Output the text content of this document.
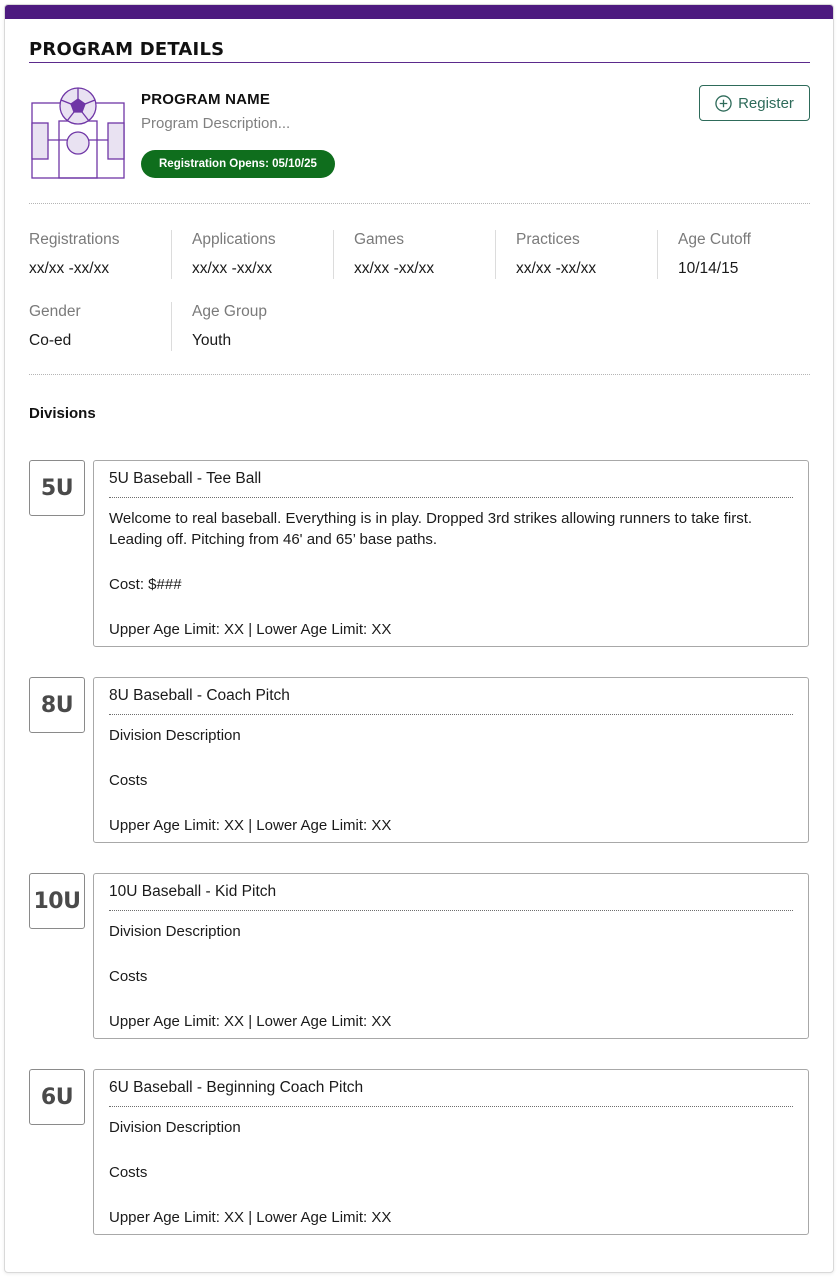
PROGRAM DETAILS
PROGRAM NAME
Program Description...
Registration Opens: 05/10/25
Register
Registrations
xx/xx -xx/xx
Applications
xx/xx -xx/xx
Games
xx/xx -xx/xx
Practices
xx/xx -xx/xx
Age Cutoff
10/14/15
Gender
Co-ed
Age Group
Youth
Divisions
5U	5U Baseball - Tee Ball
Welcome to real baseball. Everything is in play. Dropped 3rd strikes allowing runners to take first. Leading off. Pitching from 46' and 65’ base paths.
Cost: $###
Upper Age Limit: XX | Lower Age Limit: XX
8U	8U Baseball - Coach Pitch
Division Description
Costs
Upper Age Limit: XX | Lower Age Limit: XX
10U 10U Baseball - Kid Pitch
Division Description
Costs
Upper Age Limit: XX | Lower Age Limit: XX
6U	6U Baseball - Beginning Coach Pitch
Division Description
Costs
Upper Age Limit: XX | Lower Age Limit: XX
